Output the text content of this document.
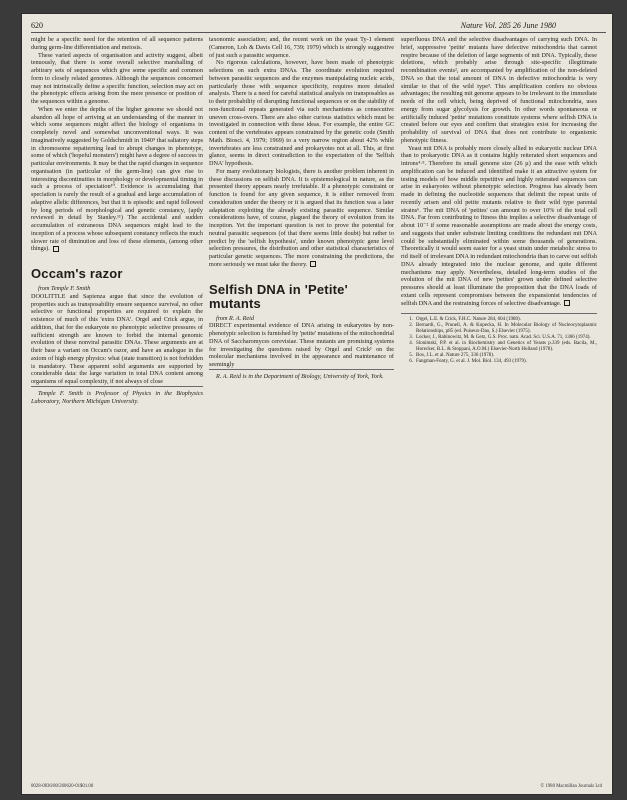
620	Nature Vol. 285 26 June 1980

might be a specific need for the retention of all sequence patterns during germ-line differentiation and meiosis.

These varied aspects of organisation and activity suggest, albeit tenuously, that there is some overall selective marshalling of arbitrary sets of sequences which give some specific and common form to closely related genomes. Although the sequences concerned may not intrinsically define a specific function, selection may act on the phenotypic effects arising from the mere presence or position of the sequences within a genome.

When we enter the depths of the higher genome we should not abandon all hope of arriving at an understanding of the manner in which some sequences might affect the biology of organisms in completely novel and somewhat unconventional ways. It was imaginatively suggested by Goldschmidt in 1940⁹ that saltatory steps in chromosome repatterning lead to abrupt changes in phenotype, some of which ('hopeful monsters') might have a degree of success in particular environments. It may be that the rapid changes in sequence organisation (in particular of the germ-line) can give rise to interesting discontinuities in morphology or developmental timing in such a process of speciation¹⁰. Evidence is accumulating that speciation is rarely the result of a gradual and large accumulation of adaptive allelic differences, but that it is episodic and rapid followed by long periods of morphological and genetic constancy, (aptly reviewed in detail by Stanley.¹¹) The accidental and sudden accumulation of extraneous DNA sequences might lead to the inception of a process whose subsequent constancy reflects the much slower rate of diminution and loss of these elements, (among other things).

Occam's razor

from Temple F. Smith

DOOLITTLE and Sapienza argue that since the evolution of properties such as transposability ensure sequence survival, no other selective or functional properties are required to explain the existence of much of this 'extra DNA'. Orgel and Crick argue, in addition, that for the eukaryote no phenotypic selective pressures of sufficient strength are known to forbid the internal genomic evolution of these nonviral parasitic DNAs. These arguments are at their base a variant on Occam's razor, and have an analogue in the axiom of high energy physics: what (state transition) is not forbidden is mandatory. These apparent solid arguments are supported by considerable data: the large variation in total DNA content among organisms of equal complexity, if not always of close

Temple F. Smith is Professor of Physics in the Biophysics Laboratory, Northern Michigan University.

taxonomic association; and, the recent work on the yeast Ty-1 element (Cameron, Loh & Davis Cell 16, 739; 1979) which is strongly suggestive of just such a parasitic sequence.

No rigorous calculations, however, have been made of phenotypic selections on such extra DNAs. The coordinate evolution required between parasitic sequences and the enzymes manipulating nucleic acids, particularly those with sequence specificity, requires more detailed analysis. There is a need for careful statistical analysis on transposables as to their probability of disrupting functional sequences or on the stability of non-functional repeats generated via such mechanisms as consecutive uneven cross-overs. There are also other curious statistics which must be investigated in connection with these ideas. For example, the entire GC content of the vertebrates appears constrained by the genetic code (Smith Math. Biosci. 4, 1979; 1969) to a very narrow region about 42% while invertebrates are less constrained and prokaryotes not at all. This, at first glance, seems in direct contradiction to the expectation of the 'Selfish DNA' hypothesis.

For many evolutionary biologists, there is another problem inherent in these discussions on selfish DNA. It is epistemological in nature, as the presented theory appears nearly irrefutable. If a phenotypic constraint or function is found for any given sequence, it is either removed from consideration under the theory or it is argued that its function was a later adaptation exploiting the already existing parasitic sequence. Similar considerations have, of course, plagued the theory of evolution from its inception. Yet the important question is not to prove the potential for neutral parasitic sequences (of that there seems little doubt) but rather to predict by the 'selfish hypothesis', under known phenotypic gene level selection pressures, the distribution and other statistical characteristics of particular genetic sequences. The more constraining the predictions, the more seriously we must take the theory.

Selfish DNA in 'Petite' mutants

from R. A. Reid

DIRECT experimental evidence of DNA arising in eukaryotes by non-phenotypic selection is furnished by 'petite' mutations of the mitochondrial DNA of Saccharomyces cerevisiae. These mutants are promising systems for investigating the questions raised by Orgel and Crick¹ on the molecular mechanisms involved in the appearance and maintenance of seemingly

R. A. Reid is in the Department of Biology, University of York, York.

superfluous DNA and the selective disadvantages of carrying such DNA. In brief, suppressive 'petite' mutants have defective mitochondria that cannot respire because of the deletion of large segments of mit DNA. Typically, these deletions, which probably arise through site-specific illegitimate recombination events², are accompanied by amplification of the non-deleted DNA so that the total amount of DNA in defective mitochondria is very similar to that of the wild type³. This amplification confers no obvious advantages; the resulting mit genome appears to be irrelevant to the immediate needs of the cell which, being deprived of functional mitochondria, uses energy from sugar glycolysis for growth. In other words spontaneous or artificially induced 'petite' mutations constitute systems where selfish DNA is created before our eyes and confirm that strategies exist for increasing the probability of survival of DNA that does not contribute to organismic phenotypic fitness.

Yeast mit DNA is probably more closely allied to eukaryotic nuclear DNA than to prokaryotic DNA as it contains highly reiterated short sequences and introns⁴·⁵. Therefore its small genome size (26 µ) and the ease with which amplification can be induced and identified make it an attractive system for testing models of how middle repetitive and highly reiterated sequences can arise in eukaryotes without phenotypic selection. Progress has already been made in defining the nucleotide sequences that delimit the repeat units of recently arisen and old petite mutants relative to their wild type parental strains⁶. The mit DNA of 'petites' can amount to over 10% of the total cell DNA. Far from contributing to fitness this implies a selective disadvantage of about 10⁻² if some reasonable assumptions are made about the energy costs, and suggests that under substrate limiting conditions the redundant mit DNA could be substantially eliminated within some thousands of generations. Theoretically it would seem easier for a yeast strain under metabolic stress to rid itself of irrelevant DNA in redundant mitochondria than to carve out selfish DNA already integrated into the nuclear genome, and quite different mechanisms may apply. Nevertheless, detailed long-term studies of the evolution of the mit DNA of new 'petites' grown under defined selective pressures should at least illuminate the proposition that the DNA loads of extant cells represent compromises between the expansionist tendencies of selfish DNA and the restraining forces of selective disadvantage.

1. Orgel, L.E. & Crick, F.H.C. Nature 284, 604 (1980).
2. Bernardi, G., Prunell, A. & Kopecka, H. In Molecular Biology of Nucleocytoplasmic Relationships, p85 (ed. Puiseux-Dao, S.) Elsevier (1975).
3. Locker, J., Rabinowitz, M. & Getz, G.S. Proc. natn. Acad. Sci. U.S.A. 71, 1366 (1974).
4. Slonimski, P.P. et al. in Biochemistry and Genetics of Yeasts p.339 (eds. Bacila, M., Horecker, B.L. & Stoppani, A.O.M.) Elsevier-North Holland (1978).
5. Bos, J.L. et al. Nature 275, 336 (1978).
6. Fangman-Fonty, G. et al. J. Mol. Biol. 134, 493 (1979).
0028-0836/80/260620-01$01.00	© 1980 Macmillan Journals Ltd
